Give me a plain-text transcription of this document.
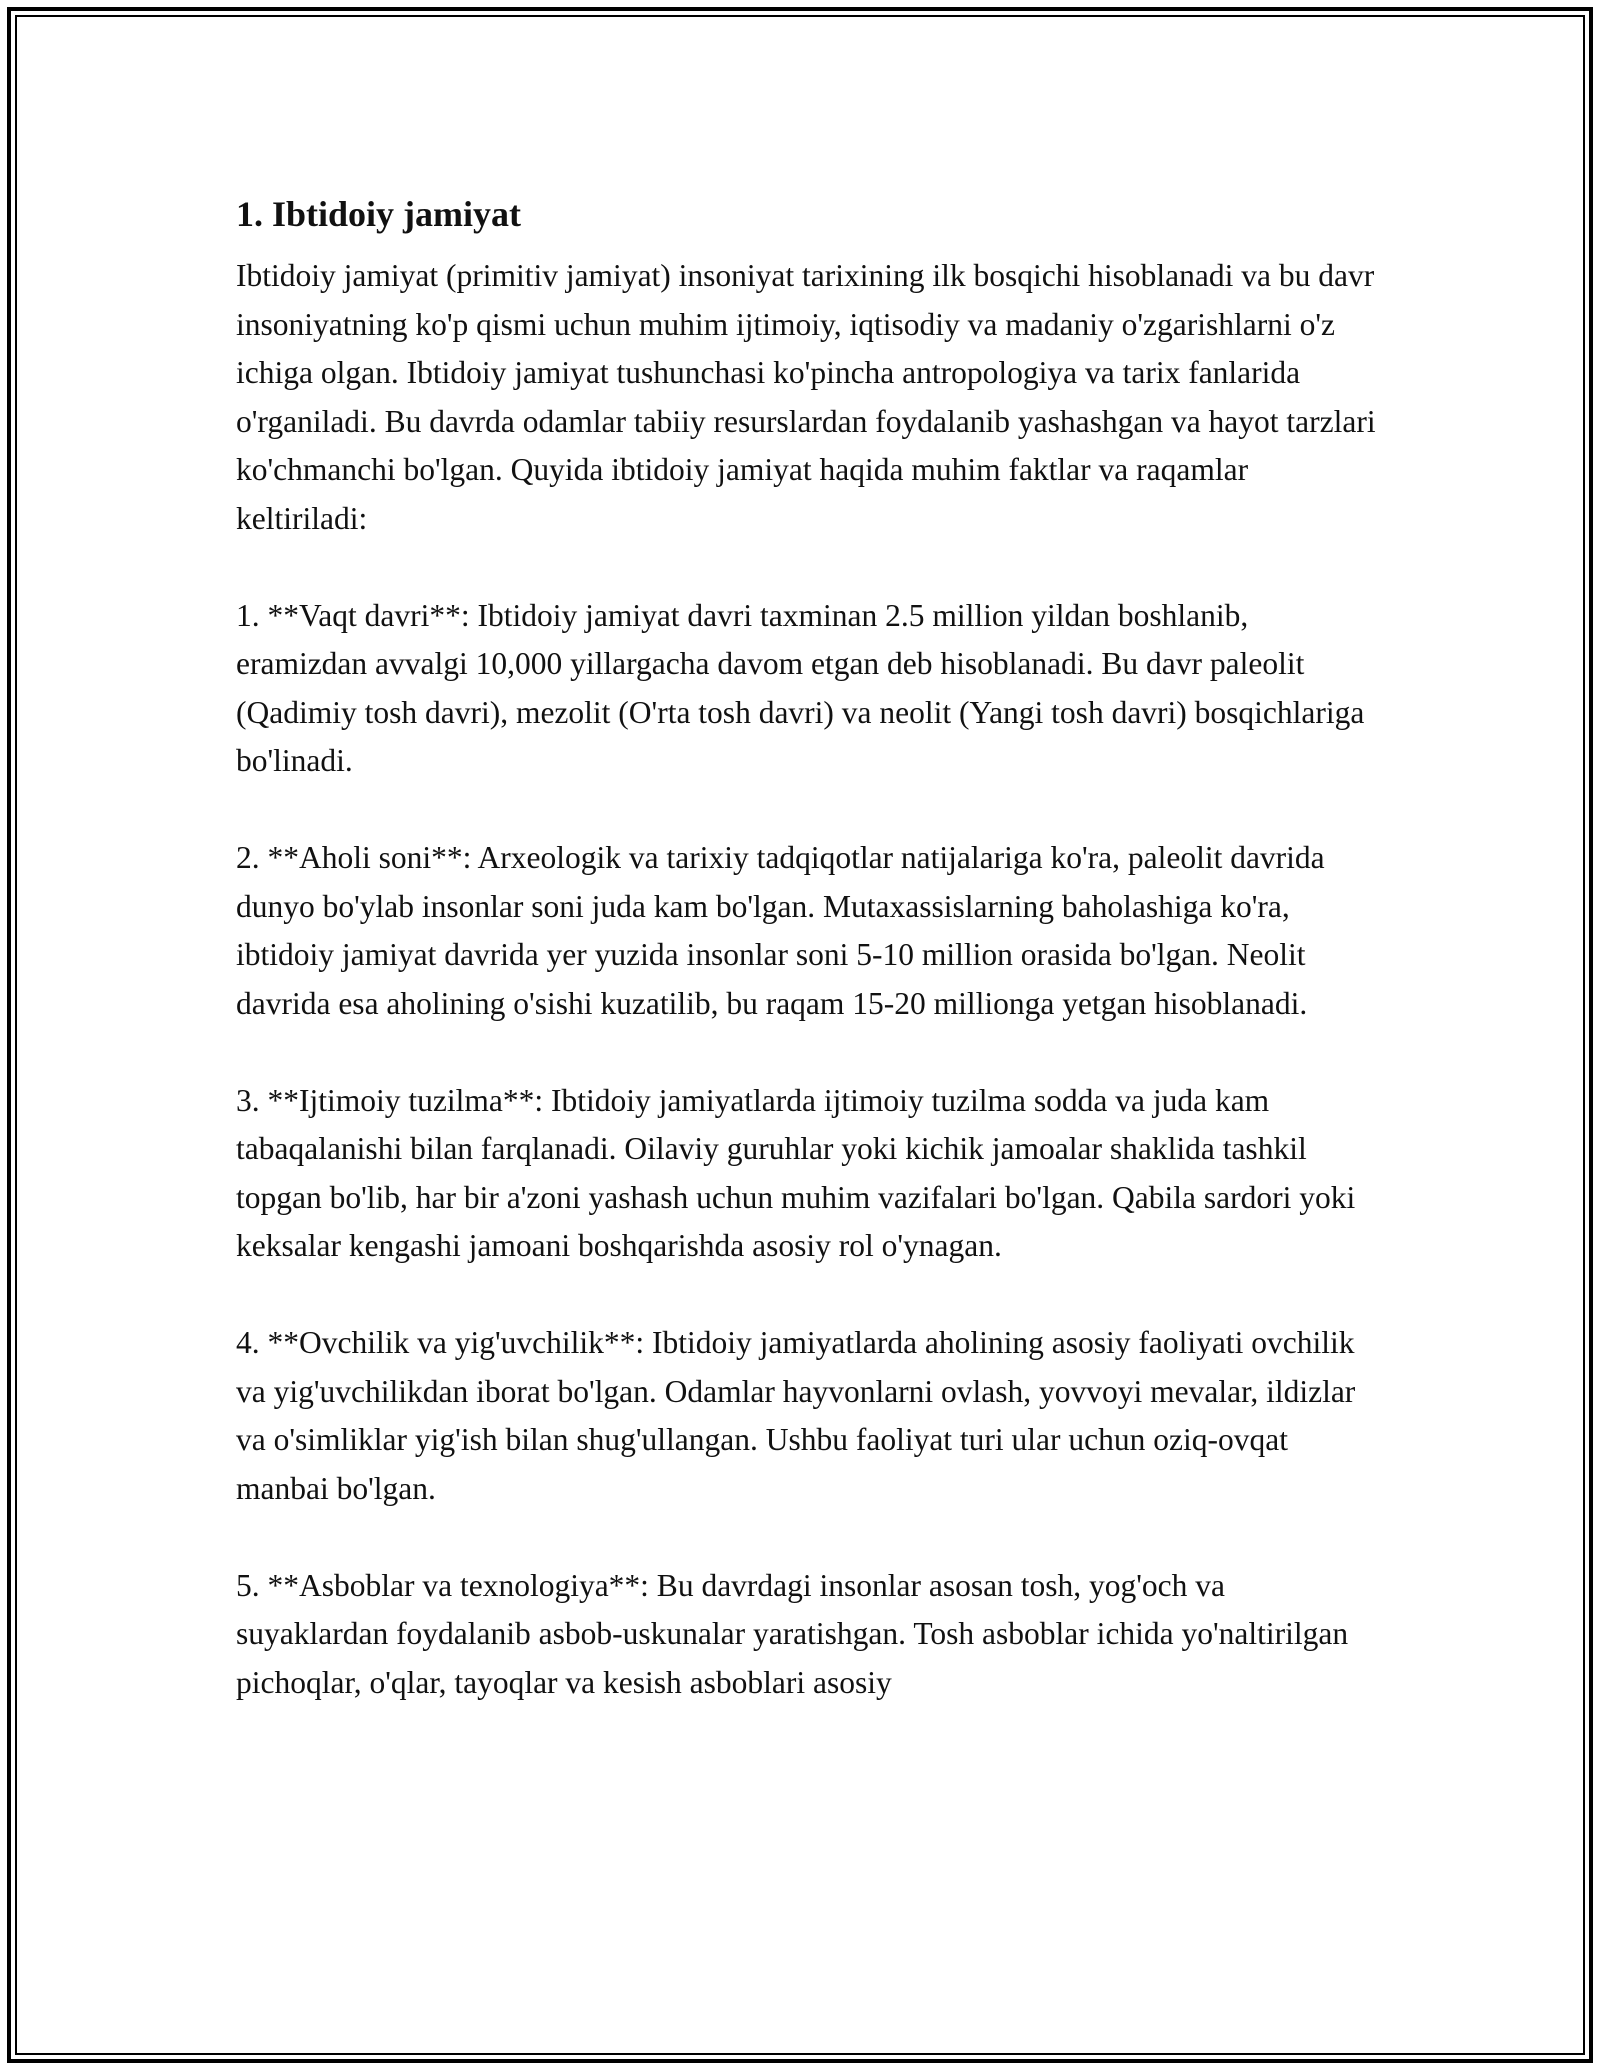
1. Ibtidoiy jamiyat

Ibtidoiy jamiyat (primitiv jamiyat) insoniyat tarixining ilk bosqichi hisoblanadi va bu davr insoniyatning ko'p qismi uchun muhim ijtimoiy, iqtisodiy va madaniy o'zgarishlarni o'z ichiga olgan. Ibtidoiy jamiyat tushunchasi ko'pincha antropologiya va tarix fanlarida o'rganiladi. Bu davrda odamlar tabiiy resurslardan foydalanib yashashgan va hayot tarzlari ko'chmanchi bo'lgan. Quyida ibtidoiy jamiyat haqida muhim faktlar va raqamlar keltiriladi:

1. **Vaqt davri**: Ibtidoiy jamiyat davri taxminan 2.5 million yildan boshlanib, eramizdan avvalgi 10,000 yillargacha davom etgan deb hisoblanadi. Bu davr paleolit (Qadimiy tosh davri), mezolit (O'rta tosh davri) va neolit (Yangi tosh davri) bosqichlariga bo'linadi.

2. **Aholi soni**: Arxeologik va tarixiy tadqiqotlar natijalariga ko'ra, paleolit davrida dunyo bo'ylab insonlar soni juda kam bo'lgan. Mutaxassislarning baholashiga ko'ra, ibtidoiy jamiyat davrida yer yuzida insonlar soni 5-10 million orasida bo'lgan. Neolit davrida esa aholining o'sishi kuzatilib, bu raqam 15-20 millionga yetgan hisoblanadi.

3. **Ijtimoiy tuzilma**: Ibtidoiy jamiyatlarda ijtimoiy tuzilma sodda va juda kam tabaqalanishi bilan farqlanadi. Oilaviy guruhlar yoki kichik jamoalar shaklida tashkil topgan bo'lib, har bir a'zoni yashash uchun muhim vazifalari bo'lgan. Qabila sardori yoki keksalar kengashi jamoani boshqarishda asosiy rol o'ynagan.

4. **Ovchilik va yig'uvchilik**: Ibtidoiy jamiyatlarda aholining asosiy faoliyati ovchilik va yig'uvchilikdan iborat bo'lgan. Odamlar hayvonlarni ovlash, yovvoyi mevalar, ildizlar va o'simliklar yig'ish bilan shug'ullangan. Ushbu faoliyat turi ular uchun oziq-ovqat manbai bo'lgan.

5. **Asboblar va texnologiya**: Bu davrdagi insonlar asosan tosh, yog'och va suyaklardan foydalanib asbob-uskunalar yaratishgan. Tosh asboblar ichida yo'naltirilgan pichoqlar, o'qlar, tayoqlar va kesish asboblari asosiy
